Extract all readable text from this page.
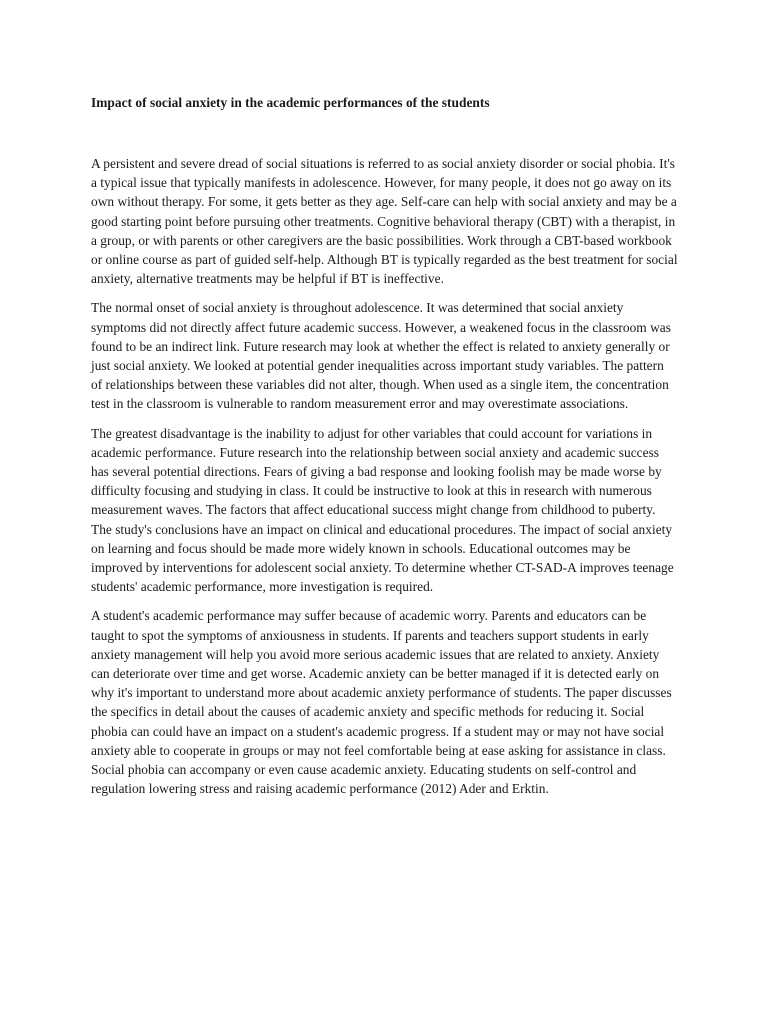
Impact of social anxiety in the academic performances of the students

A persistent and severe dread of social situations is referred to as social anxiety disorder or social phobia. It's a typical issue that typically manifests in adolescence. However, for many people, it does not go away on its own without therapy. For some, it gets better as they age. Self-care can help with social anxiety and may be a good starting point before pursuing other treatments. Cognitive behavioral therapy (CBT) with a therapist, in a group, or with parents or other caregivers are the basic possibilities. Work through a CBT-based workbook or online course as part of guided self-help. Although BT is typically regarded as the best treatment for social anxiety, alternative treatments may be helpful if BT is ineffective.

The normal onset of social anxiety is throughout adolescence. It was determined that social anxiety symptoms did not directly affect future academic success. However, a weakened focus in the classroom was found to be an indirect link. Future research may look at whether the effect is related to anxiety generally or just social anxiety. We looked at potential gender inequalities across important study variables. The pattern of relationships between these variables did not alter, though. When used as a single item, the concentration test in the classroom is vulnerable to random measurement error and may overestimate associations.

The greatest disadvantage is the inability to adjust for other variables that could account for variations in academic performance. Future research into the relationship between social anxiety and academic success has several potential directions. Fears of giving a bad response and looking foolish may be made worse by difficulty focusing and studying in class. It could be instructive to look at this in research with numerous measurement waves. The factors that affect educational success might change from childhood to puberty. The study's conclusions have an impact on clinical and educational procedures. The impact of social anxiety on learning and focus should be made more widely known in schools. Educational outcomes may be improved by interventions for adolescent social anxiety. To determine whether CT-SAD-A improves teenage students' academic performance, more investigation is required.

A student's academic performance may suffer because of academic worry. Parents and educators can be taught to spot the symptoms of anxiousness in students. If parents and teachers support students in early anxiety management will help you avoid more serious academic issues that are related to anxiety. Anxiety can deteriorate over time and get worse. Academic anxiety can be better managed if it is detected early on why it's important to understand more about academic anxiety performance of students. The paper discusses the specifics in detail about the causes of academic anxiety and specific methods for reducing it. Social phobia can could have an impact on a student's academic progress. If a student may or may not have social anxiety able to cooperate in groups or may not feel comfortable being at ease asking for assistance in class. Social phobia can accompany or even cause academic anxiety. Educating students on self-control and regulation lowering stress and raising academic performance (2012) Ader and Erktin.
